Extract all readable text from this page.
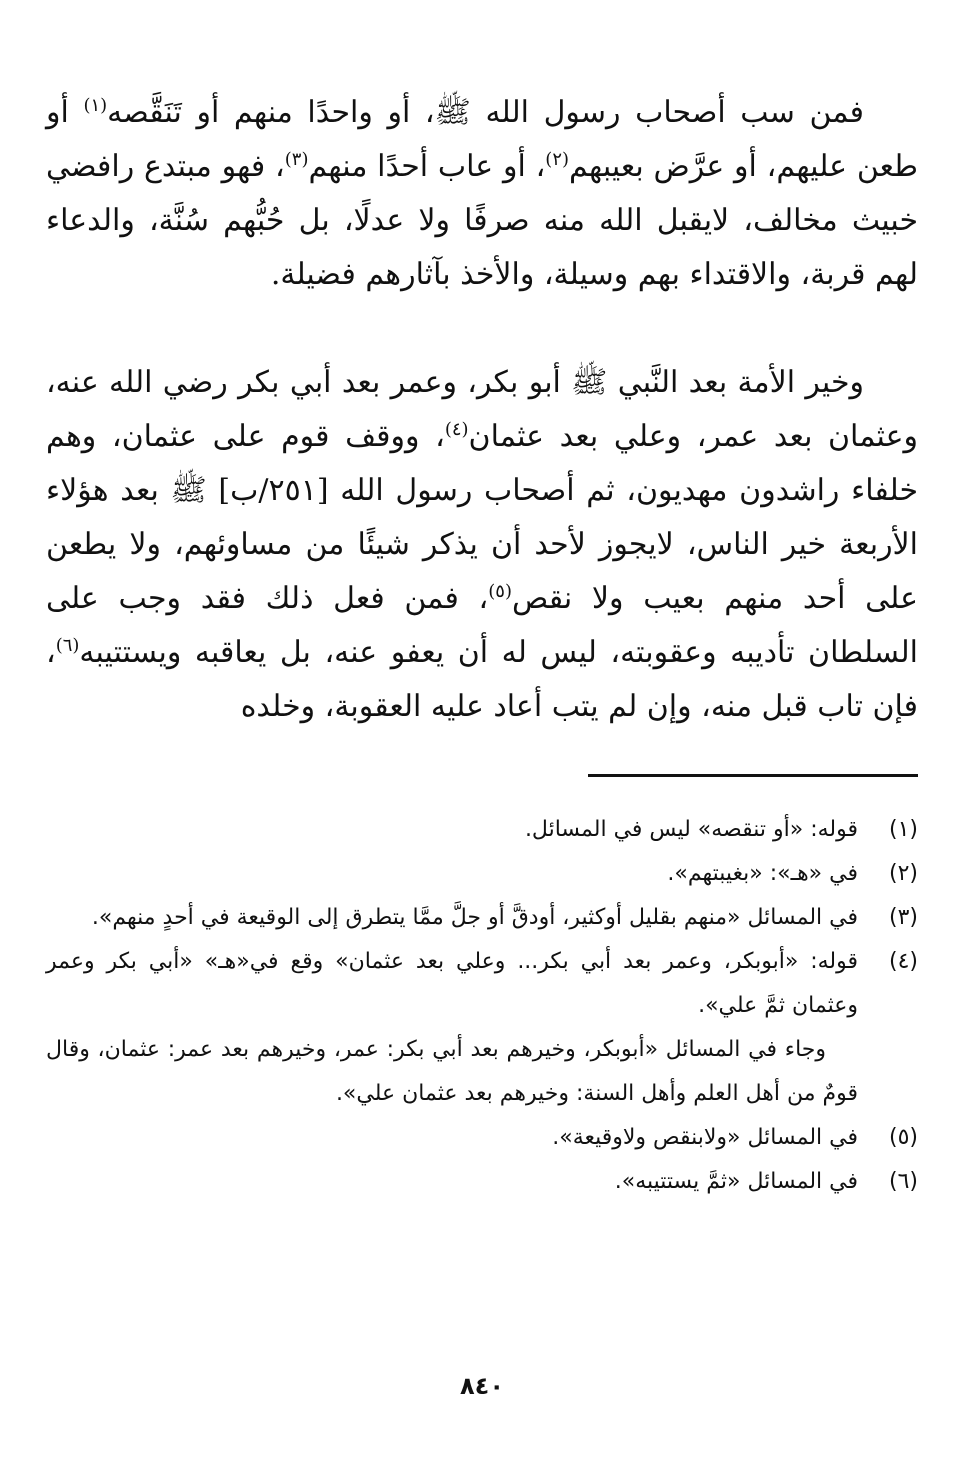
فمن سب أصحاب رسول الله ﷺ، أو واحدًا منهم أو تَنَقَّصه$^{(١)}$ أو طعن عليهم، أو عرَّض بعيبهم$^{(٢)}$، أو عاب أحدًا منهم$^{(٣)}$، فهو مبتدع رافضي خبيث مخالف، لايقبل الله منه صرفًا ولا عدلًا، بل حُبُّهم سُنَّة، والدعاء لهم قربة، والاقتداء بهم وسيلة، والأخذ بآثارهم فضيلة.

وخير الأمة بعد النَّبي ﷺ أبو بكر، وعمر بعد أبي بكر رضي الله عنه، وعثمان بعد عمر، وعلي بعد عثمان$^{(٤)}$، ووقف قوم على عثمان، وهم خلفاء راشدون مهديون، ثم أصحاب رسول الله [٢٥١/ب] ﷺ بعد هؤلاء الأربعة خير الناس، لايجوز لأحد أن يذكر شيئًا من مساوئهم، ولا يطعن على أحد منهم بعيب ولا نقص$^{(٥)}$، فمن فعل ذلك فقد وجب على السلطان تأديبه وعقوبته، ليس له أن يعفو عنه، بل يعاقبه ويستتيبه$^{(٦)}$، فإن تاب قبل منه، وإن لم يتب أعاد عليه العقوبة، وخلده

(١)
قوله: «أو تنقصه» ليس في المسائل.
(٢)
في «هـ»: «بغيبتهم».
(٣)
في المسائل «منهم بقليل أوكثير، أودقَّ أو جلَّ ممَّا يتطرق إلى الوقيعة في أحدٍ منهم».
(٤)
قوله: «أبوبكر، وعمر بعد أبي بكر... وعلي بعد عثمان» وقع في«هـ» «أبي بكر وعمر وعثمان ثمَّ علي».
وجاء في المسائل «أبوبكر، وخيرهم بعد أبي بكر: عمر، وخيرهم بعد عمر: عثمان، وقال قومٌ من أهل العلم وأهل السنة: وخيرهم بعد عثمان علي».
(٥)
في المسائل «ولابنقص ولاوقيعة».
(٦)
في المسائل «ثمَّ يستتيبه».
٨٤٠
